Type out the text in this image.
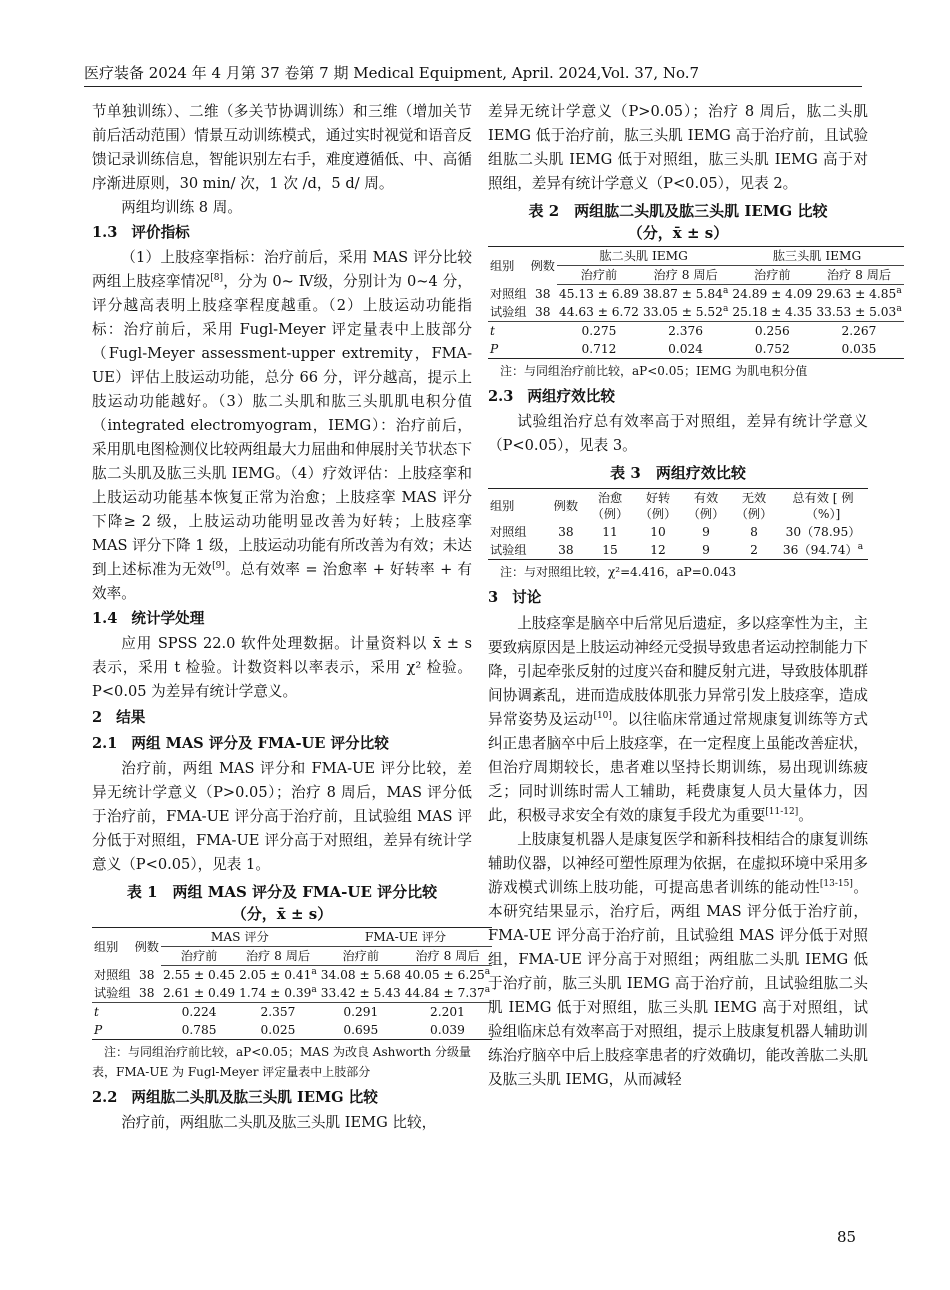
医疗装备 2024 年 4 月第 37 卷第 7 期 Medical Equipment, April. 2024,Vol. 37, No.7

节单独训练）、二维（多关节协调训练）和三维（增加关节前后活动范围）情景互动训练模式，通过实时视觉和语音反馈记录训练信息，智能识别左右手，难度遵循低、中、高循序渐进原则，30 min/ 次，1 次 /d，5 d/ 周。

两组均训练 8 周。

1.3 评价指标

（1）上肢痉挛指标：治疗前后，采用 MAS 评分比较两组上肢痉挛情况[8]，分为 0~ Ⅳ级，分别计为 0~4 分，评分越高表明上肢痉挛程度越重。（2）上肢运动功能指标：治疗前后，采用 Fugl-Meyer 评定量表中上肢部分（Fugl-Meyer assessment-upper extremity，FMA-UE）评估上肢运动功能，总分 66 分，评分越高，提示上肢运动功能越好。（3）肱二头肌和肱三头肌肌电积分值（integrated electromyogram，IEMG）：治疗前后，采用肌电图检测仪比较两组最大力屈曲和伸展肘关节状态下肱二头肌及肱三头肌 IEMG。（4）疗效评估：上肢痉挛和上肢运动功能基本恢复正常为治愈；上肢痉挛 MAS 评分下降≥ 2 级，上肢运动功能明显改善为好转；上肢痉挛 MAS 评分下降 1 级，上肢运动功能有所改善为有效；未达到上述标准为无效[9]。总有效率 = 治愈率 + 好转率 + 有效率。

1.4 统计学处理

应用 SPSS 22.0 软件处理数据。计量资料以 x̄ ± s 表示，采用 t 检验。计数资料以率表示，采用 χ² 检验。P<0.05 为差异有统计学意义。

2 结果
2.1 两组 MAS 评分及 FMA-UE 评分比较

治疗前，两组 MAS 评分和 FMA-UE 评分比较，差异无统计学意义（P>0.05）；治疗 8 周后，MAS 评分低于治疗前，FMA-UE 评分高于治疗前，且试验组 MAS 评分低于对照组，FMA-UE 评分高于对照组，差异有统计学意义（P<0.05），见表 1。

表 1　两组 MAS 评分及 FMA-UE 评分比较
（分，x̄ ± s）
组别	例数	MAS 评分		FMA-UE 评分	
		治疗前	治疗 8 周后	治疗前	治疗 8 周后
对照组	38	2.55 ± 0.45	2.05 ± 0.41$^a$	34.08 ± 5.68	40.05 ± 6.25$^a$
试验组	38	2.61 ± 0.49	1.74 ± 0.39$^a$	33.42 ± 5.43	44.84 ± 7.37$^a$
t		0.224	2.357	0.291	2.201
P		0.785	0.025	0.695	0.039
注：与同组治疗前比较，aP<0.05；MAS 为改良 Ashworth 分级量表，FMA-UE 为 Fugl-Meyer 评定量表中上肢部分
2.2 两组肱二头肌及肱三头肌 IEMG 比较

治疗前，两组肱二头肌及肱三头肌 IEMG 比较，

差异无统计学意义（P>0.05）；治疗 8 周后，肱二头肌 IEMG 低于治疗前，肱三头肌 IEMG 高于治疗前，且试验组肱二头肌 IEMG 低于对照组，肱三头肌 IEMG 高于对照组，差异有统计学意义（P<0.05），见表 2。

表 2　两组肱二头肌及肱三头肌 IEMG 比较
（分，x̄ ± s）
组别	例数	肱二头肌 IEMG		肱三头肌 IEMG	
		治疗前	治疗 8 周后	治疗前	治疗 8 周后
对照组	38	45.13 ± 6.89	38.87 ± 5.84$^a$	24.89 ± 4.09	29.63 ± 4.85$^a$
试验组	38	44.63 ± 6.72	33.05 ± 5.52$^a$	25.18 ± 4.35	33.53 ± 5.03$^a$
t		0.275	2.376	0.256	2.267
P		0.712	0.024	0.752	0.035
注：与同组治疗前比较，aP<0.05；IEMG 为肌电积分值
2.3 两组疗效比较

试验组治疗总有效率高于对照组，差异有统计学意义（P<0.05），见表 3。

表 3　两组疗效比较
组别	例数	治愈（例）	好转（例）	有效（例）	无效（例）	总有效 [ 例（%）]
对照组	38	11	10	9	8	30（78.95）
试验组	38	15	12	9	2	$36(94.74)^a$
注：与对照组比较，χ²=4.416，aP=0.043
3 讨论

上肢痉挛是脑卒中后常见后遗症，多以痉挛性为主，主要致病原因是上肢运动神经元受损导致患者运动控制能力下降，引起牵张反射的过度兴奋和腱反射亢进，导致肢体肌群间协调紊乱，进而造成肢体肌张力异常引发上肢痉挛，造成异常姿势及运动[10]。以往临床常通过常规康复训练等方式纠正患者脑卒中后上肢痉挛，在一定程度上虽能改善症状，但治疗周期较长，患者难以坚持长期训练，易出现训练疲乏；同时训练时需人工辅助，耗费康复人员大量体力，因此，积极寻求安全有效的康复手段尤为重要[11-12]。

上肢康复机器人是康复医学和新科技相结合的康复训练辅助仪器，以神经可塑性原理为依据，在虚拟环境中采用多游戏模式训练上肢功能，可提高患者训练的能动性[13-15]。本研究结果显示，治疗后，两组 MAS 评分低于治疗前，FMA-UE 评分高于治疗前，且试验组 MAS 评分低于对照组，FMA-UE 评分高于对照组；两组肱二头肌 IEMG 低于治疗前，肱三头肌 IEMG 高于治疗前，且试验组肱二头肌 IEMG 低于对照组，肱三头肌 IEMG 高于对照组，试验组临床总有效率高于对照组，提示上肢康复机器人辅助训练治疗脑卒中后上肢痉挛患者的疗效确切，能改善肱二头肌及肱三头肌 IEMG，从而减轻

85
